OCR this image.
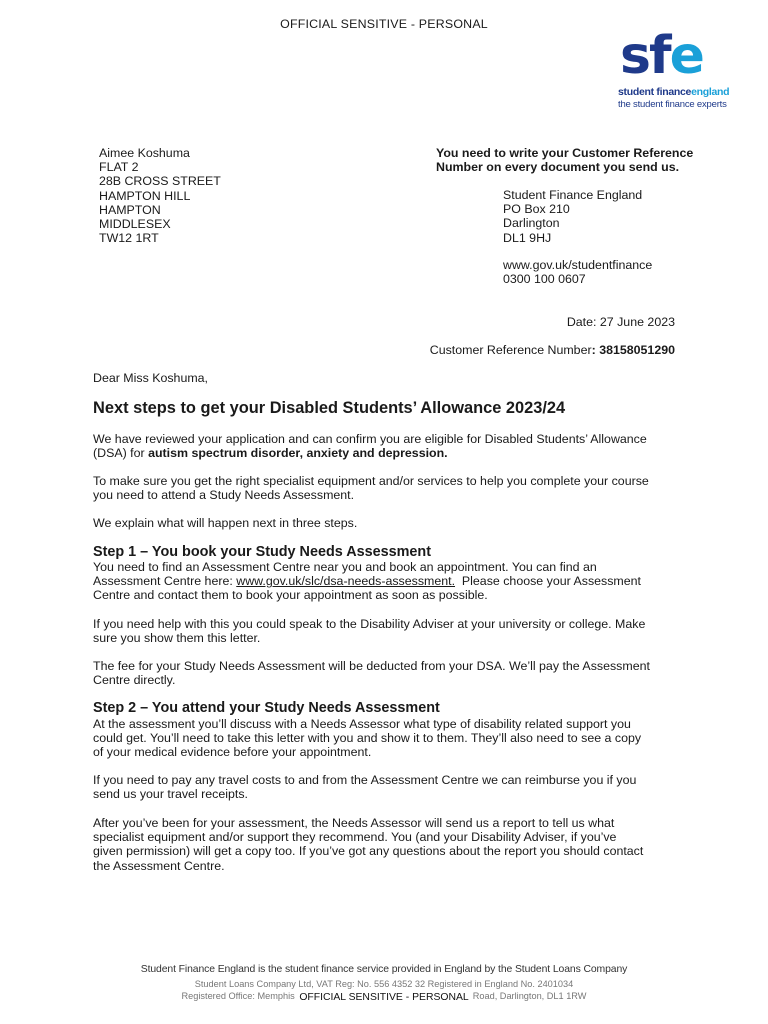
OFFICIAL SENSITIVE - PERSONAL
sfe
student financeengland
the student finance experts
Aimee Koshuma
FLAT 2
28B CROSS STREET
HAMPTON HILL
HAMPTON
MIDDLESEX
TW12 1RT
You need to write your Customer Reference
Number on every document you send us.
Student Finance England
PO Box 210
Darlington
DL1 9HJ
www.gov.uk/studentfinance
0300 100 0607
Date: 27 June 2023
Customer Reference Number: 38158051290
Dear Miss Koshuma,
Next steps to get your Disabled Students’ Allowance 2023/24

We have reviewed your application and can confirm you are eligible for Disabled Students’ Allowance

(DSA) for autism spectrum disorder, anxiety and depression.

To make sure you get the right specialist equipment and/or services to help you complete your course

you need to attend a Study Needs Assessment.

We explain what will happen next in three steps.

Step 1 – You book your Study Needs Assessment

You need to find an Assessment Centre near you and book an appointment. You can find an

Assessment Centre here: www.gov.uk/slc/dsa-needs-assessment.  Please choose your Assessment

Centre and contact them to book your appointment as soon as possible.

If you need help with this you could speak to the Disability Adviser at your university or college. Make

sure you show them this letter.

The fee for your Study Needs Assessment will be deducted from your DSA. We’ll pay the Assessment

Centre directly.

Step 2 – You attend your Study Needs Assessment

At the assessment you’ll discuss with a Needs Assessor what type of disability related support you

could get. You’ll need to take this letter with you and show it to them. They’ll also need to see a copy

of your medical evidence before your appointment.

If you need to pay any travel costs to and from the Assessment Centre we can reimburse you if you

send us your travel receipts.

After you’ve been for your assessment, the Needs Assessor will send us a report to tell us what

specialist equipment and/or support they recommend. You (and your Disability Adviser, if you’ve

given permission) will get a copy too. If you’ve got any questions about the report you should contact

the Assessment Centre.

Student Finance England is the student finance service provided in England by the Student Loans Company
Student Loans Company Ltd, VAT Reg: No. 556 4352 32 Registered in England No. 2401034
Registered Office: Memphis	Road, Darlington, DL1 1RW
OFFICIAL SENSITIVE - PERSONAL
